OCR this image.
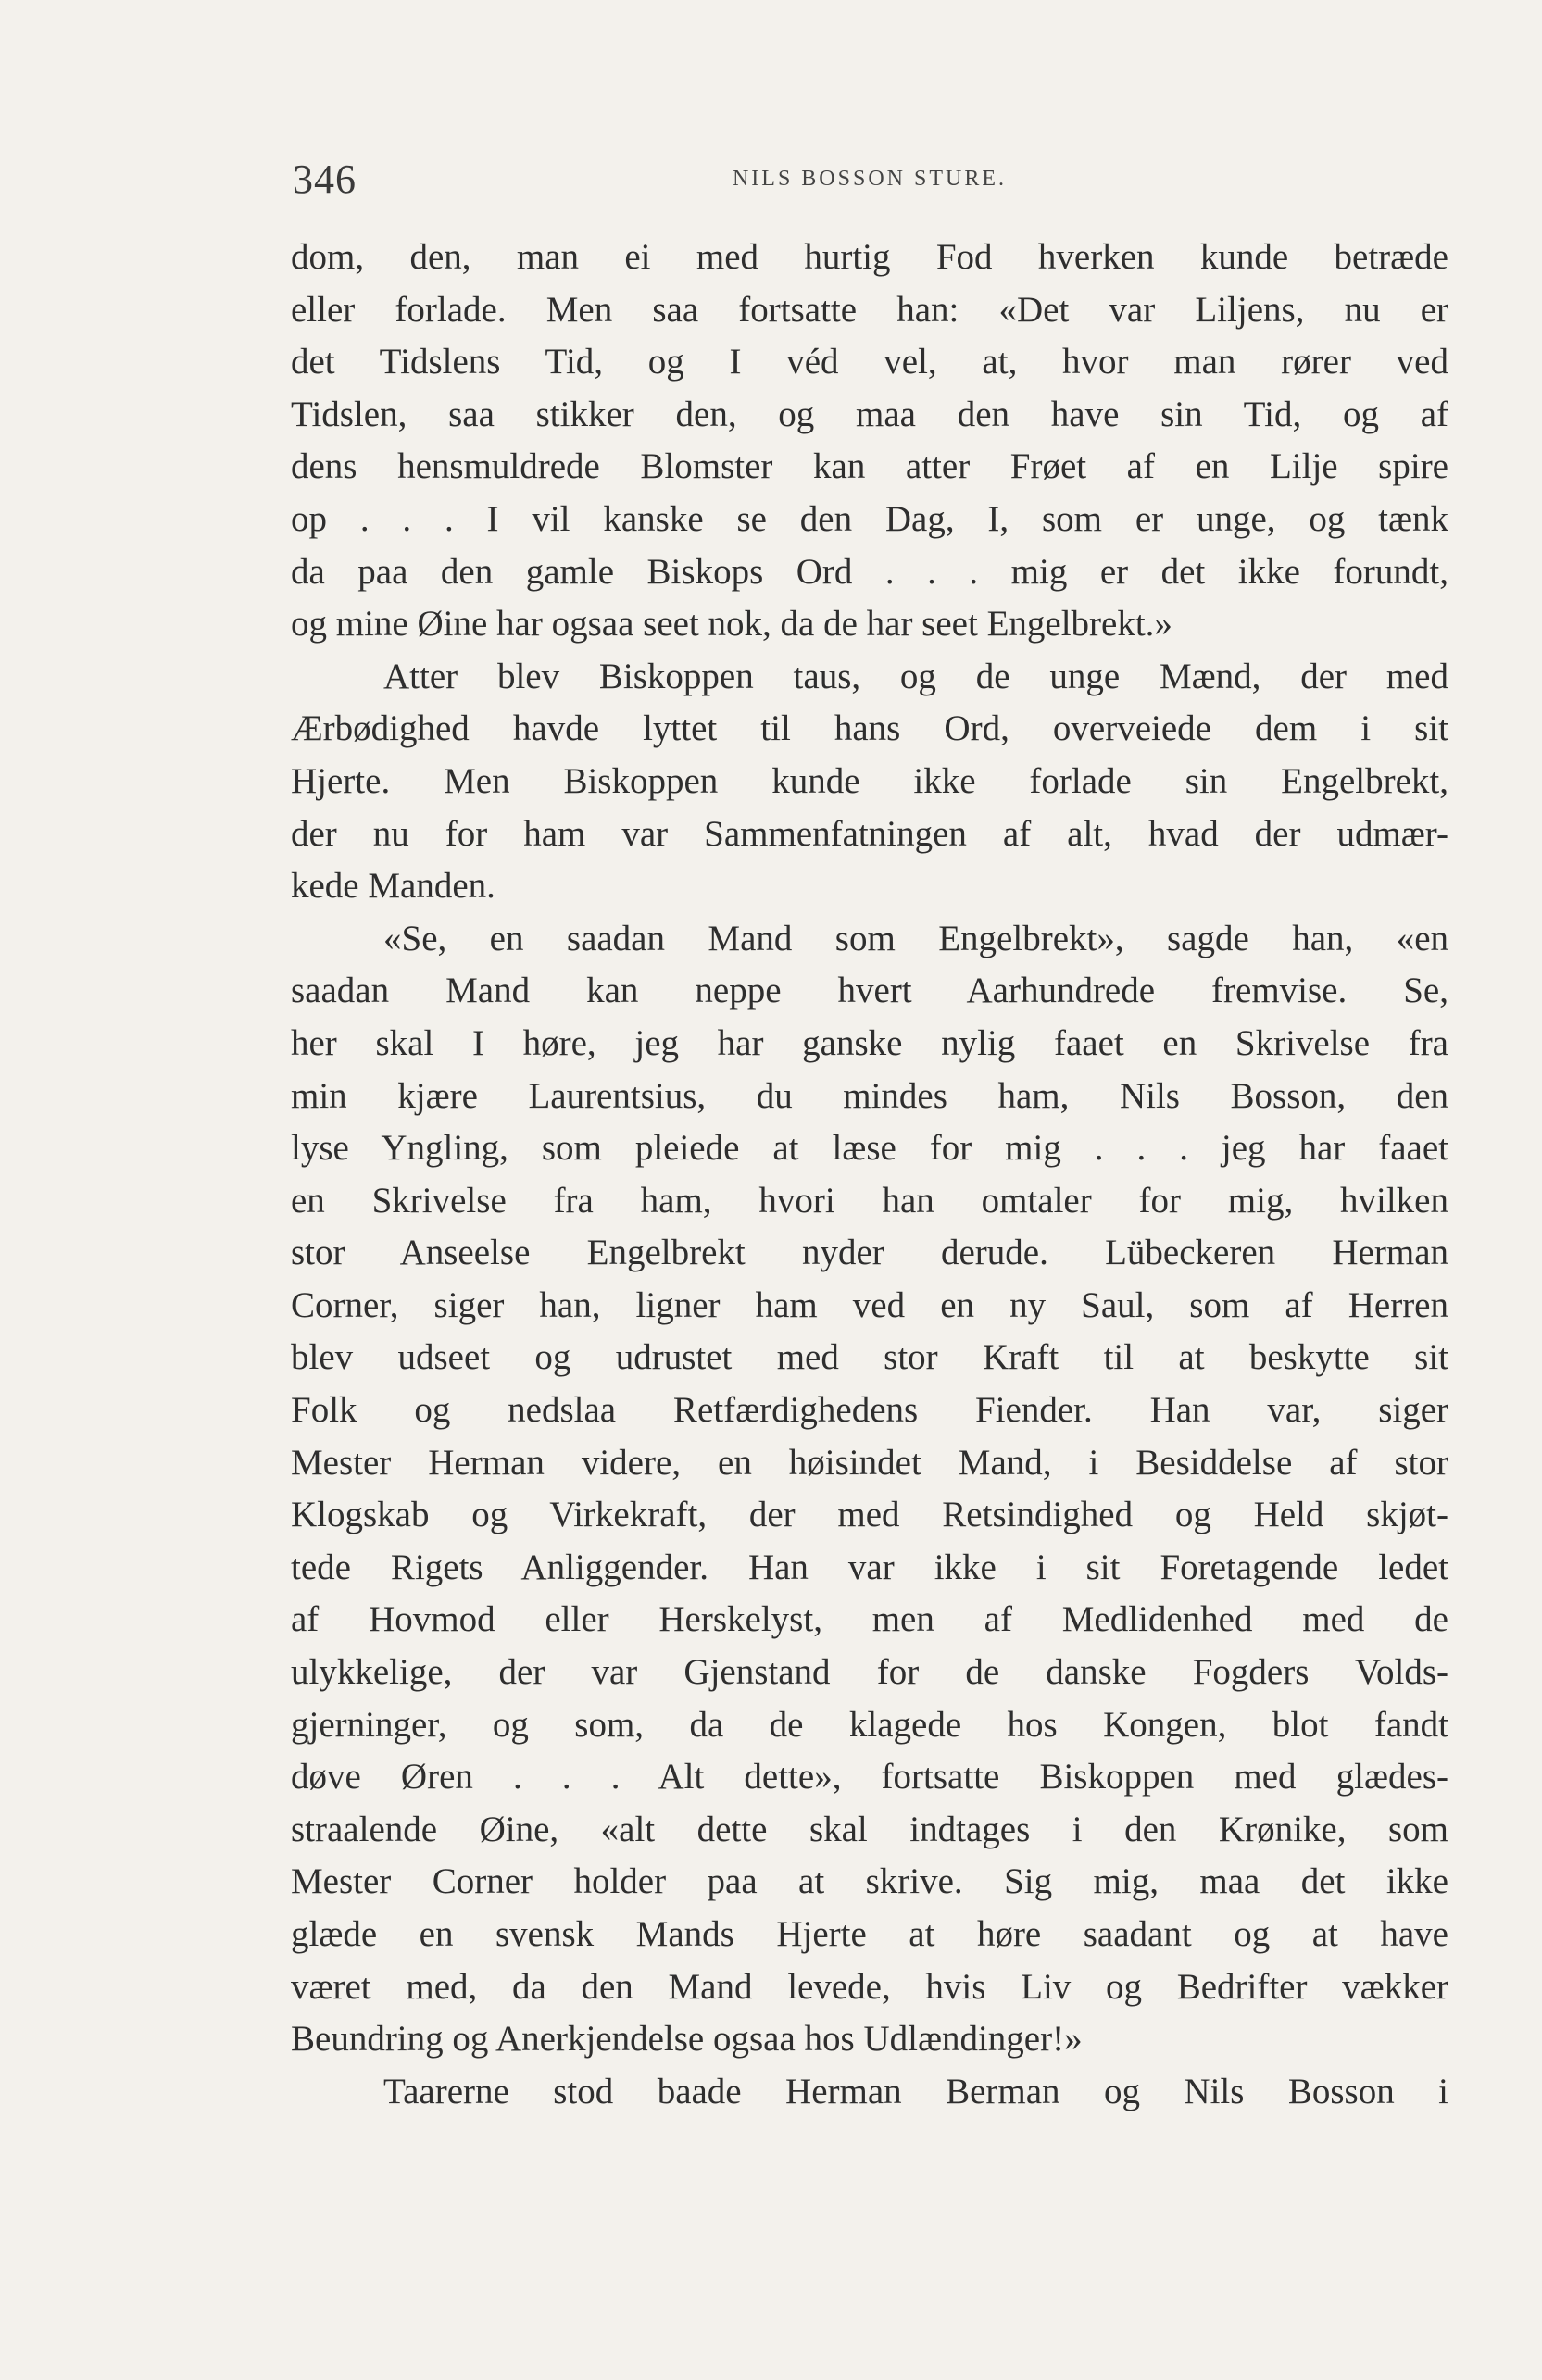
346	NILS BOSSON STURE.
dom, den, man ei med hurtig Fod hverken kunde betræde
eller forlade. Men saa fortsatte han: «Det var Liljens, nu er
det Tidslens Tid, og I véd vel, at, hvor man rører ved
Tidslen, saa stikker den, og maa den have sin Tid, og af
dens hensmuldrede Blomster kan atter Frøet af en Lilje spire
op . . . I vil kanske se den Dag, I, som er unge, og tænk
da paa den gamle Biskops Ord . . . mig er det ikke forundt,
og mine Øine har ogsaa seet nok, da de har seet Engelbrekt.»
Atter blev Biskoppen taus, og de unge Mænd, der med
Ærbødighed havde lyttet til hans Ord, overveiede dem i sit
Hjerte. Men Biskoppen kunde ikke forlade sin Engelbrekt,
der nu for ham var Sammenfatningen af alt, hvad der udmær-
kede Manden.
«Se, en saadan Mand som Engelbrekt», sagde han, «en
saadan Mand kan neppe hvert Aarhundrede fremvise. Se,
her skal I høre, jeg har ganske nylig faaet en Skrivelse fra
min kjære Laurentsius, du mindes ham, Nils Bosson, den
lyse Yngling, som pleiede at læse for mig . . . jeg har faaet
en Skrivelse fra ham, hvori han omtaler for mig, hvilken
stor Anseelse Engelbrekt nyder derude. Lübeckeren Herman
Corner, siger han, ligner ham ved en ny Saul, som af Herren
blev udseet og udrustet med stor Kraft til at beskytte sit
Folk og nedslaa Retfærdighedens Fiender. Han var, siger
Mester Herman videre, en høisindet Mand, i Besiddelse af stor
Klogskab og Virkekraft, der med Retsindighed og Held skjøt-
tede Rigets Anliggender. Han var ikke i sit Foretagende ledet
af Hovmod eller Herskelyst, men af Medlidenhed med de
ulykkelige, der var Gjenstand for de danske Fogders Volds-
gjerninger, og som, da de klagede hos Kongen, blot fandt
døve Øren . . . Alt dette», fortsatte Biskoppen med glædes-
straalende Øine, «alt dette skal indtages i den Krønike, som
Mester Corner holder paa at skrive. Sig mig, maa det ikke
glæde en svensk Mands Hjerte at høre saadant og at have
været med, da den Mand levede, hvis Liv og Bedrifter vækker
Beundring og Anerkjendelse ogsaa hos Udlændinger!»
Taarerne stod baade Herman Berman og Nils Bosson i
